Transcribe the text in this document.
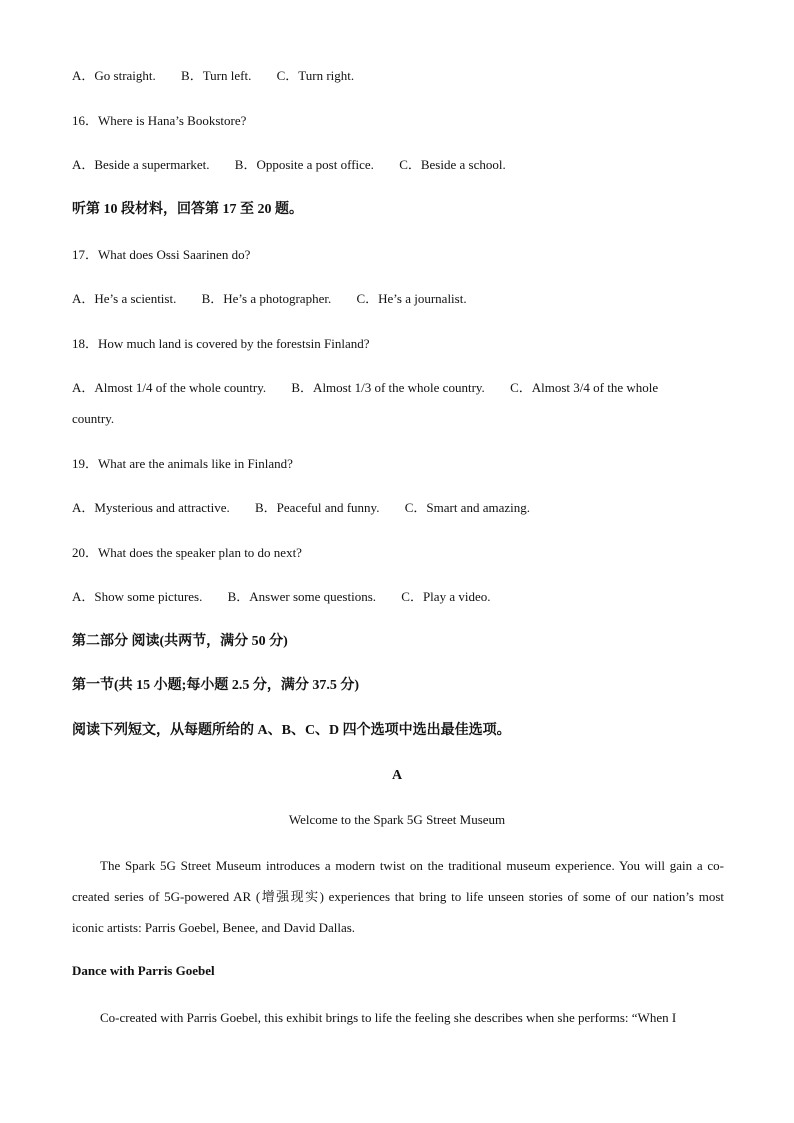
A．Go straight. B．Turn left. C．Turn right.
16．Where is Hana’s Bookstore?
A．Beside a supermarket. B．Opposite a post office. C．Beside a school.
听第 10 段材料，回答第 17 至 20 题。
17．What does Ossi Saarinen do?
A．He’s a scientist. B．He’s a photographer. C．He’s a journalist.
18．How much land is covered by the forestsin Finland?
A．Almost 1/4 of the whole country. B．Almost 1/3 of the whole country. C．Almost 3/4 of the whole
country.
19．What are the animals like in Finland?
A．Mysterious and attractive. B．Peaceful and funny. C．Smart and amazing.
20．What does the speaker plan to do next?
A．Show some pictures. B．Answer some questions. C．Play a video.
第二部分 阅读(共两节，满分 50 分)
第一节(共 15 小题;每小题 2.5 分，满分 37.5 分)
阅读下列短文，从每题所给的 A、B、C、D 四个选项中选出最佳选项。
A
Welcome to the Spark 5G Street Museum
The Spark 5G Street Museum introduces a modern twist on the traditional museum experience. You will gain a co-created series of 5G-powered AR (增强现实) experiences that bring to life unseen stories of some of our nation’s most iconic artists: Parris Goebel, Benee, and David Dallas.
Dance with Parris Goebel
Co-created with Parris Goebel, this exhibit brings to life the feeling she describes when she performs: “When I
